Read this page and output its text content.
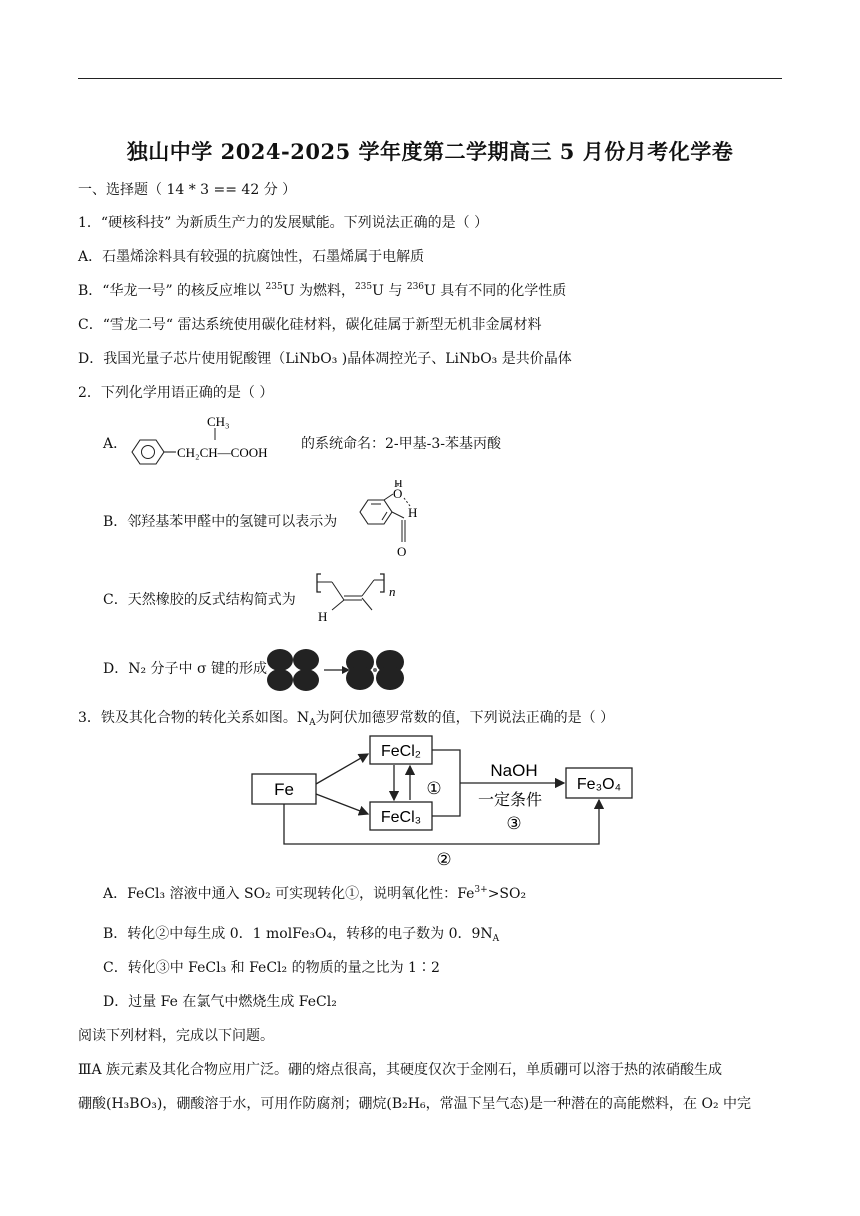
独山中学 2024-2025 学年度第二学期高三 5 月份月考化学卷
一、选择题（ 14 * 3 == 42 分 ）
1．“硬核科技” 为新质生产力的发展赋能。下列说法正确的是（ ）
A．石墨烯涂料具有较强的抗腐蚀性，石墨烯属于电解质
B．“华龙一号” 的核反应堆以 $^{235}$U 为燃料，$^{235}$U 与 $^{236}$U 具有不同的化学性质
C．“雪龙二号“ 雷达系统使用碳化硅材料，碳化硅属于新型无机非金属材料
D．我国光量子芯片使用铌酸锂（LiNbO₃ )晶体凋控光子、LiNbO₃ 是共价晶体
2．下列化学用语正确的是（ ）
A．
CH₂CH—COOH
CH₃
的系统命名：2-甲基-3-苯基丙酸
B．邻羟基苯甲醛中的氢键可以表示为
O
H
H
O
C．天然橡胶的反式结构简式为
H
n
D．N₂ 分子中 σ 键的形成
3．铁及其化合物的转化关系如图。$N_A$为阿伏加德罗常数的值，下列说法正确的是（ ）
Fe
FeCl₂
FeCl₃
Fe₃O₄
①
NaOH
一定条件
③
②
A．FeCl₃ 溶液中通入 SO₂ 可实现转化①，说明氧化性：$Fe^{3+}>SO_2$
B．转化②中每生成 0．1 molFe₃O₄，转移的电子数为 0．$9N_A$
C．转化③中 FeCl₃ 和 FeCl₂ 的物质的量之比为 1∶2
D．过量 Fe 在氯气中燃烧生成 FeCl₂
阅读下列材料，完成以下问题。
ⅢA 族元素及其化合物应用广泛。硼的熔点很高，其硬度仅次于金刚石，单质硼可以溶于热的浓硝酸生成
硼酸(H₃BO₃)，硼酸溶于水，可用作防腐剂；硼烷(B₂H₆，常温下呈气态)是一种潜在的高能燃料，在 O₂ 中完
